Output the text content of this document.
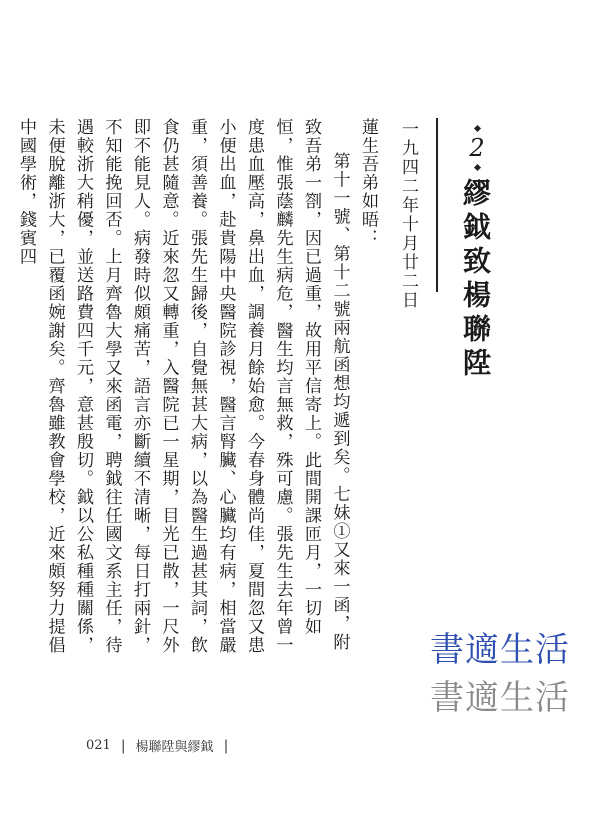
2
繆鉞致楊聯陞
一九四二年十月廿二日

蓮生吾弟如晤：

第十一號、第十二號兩航函想均遞到矣。七妹①又來一函，附致吾弟一劄，因已過重，故用平信寄上。此間開課匝月，一切如恒，惟張蔭麟先生病危，醫生均言無救，殊可慮。張先生去年曾一度患血壓高，鼻出血，調養月餘始愈。今春身體尚佳，夏間忽又患小便出血，赴貴陽中央醫院診視，醫言腎臟、心臟均有病，相當嚴重，須善養。張先生歸後，自覺無甚大病，以為醫生過甚其詞，飲食仍甚隨意。近來忽又轉重，入醫院已一星期，目光已散，一尺外即不能見人。病發時似頗痛苦，語言亦斷續不清晰，每日打兩針，不知能挽回否。上月齊魯大學又來函電，聘鉞往任國文系主任，待遇較浙大稍優，並送路費四千元，意甚殷切。鉞以公私種種關係，未便脫離浙大，已覆函婉謝矣。齊魯雖教會學校，近來頗努力提倡中國學術，錢賓四

書適生活
書適生活
021 | 楊聯陞與繆鉞 |
